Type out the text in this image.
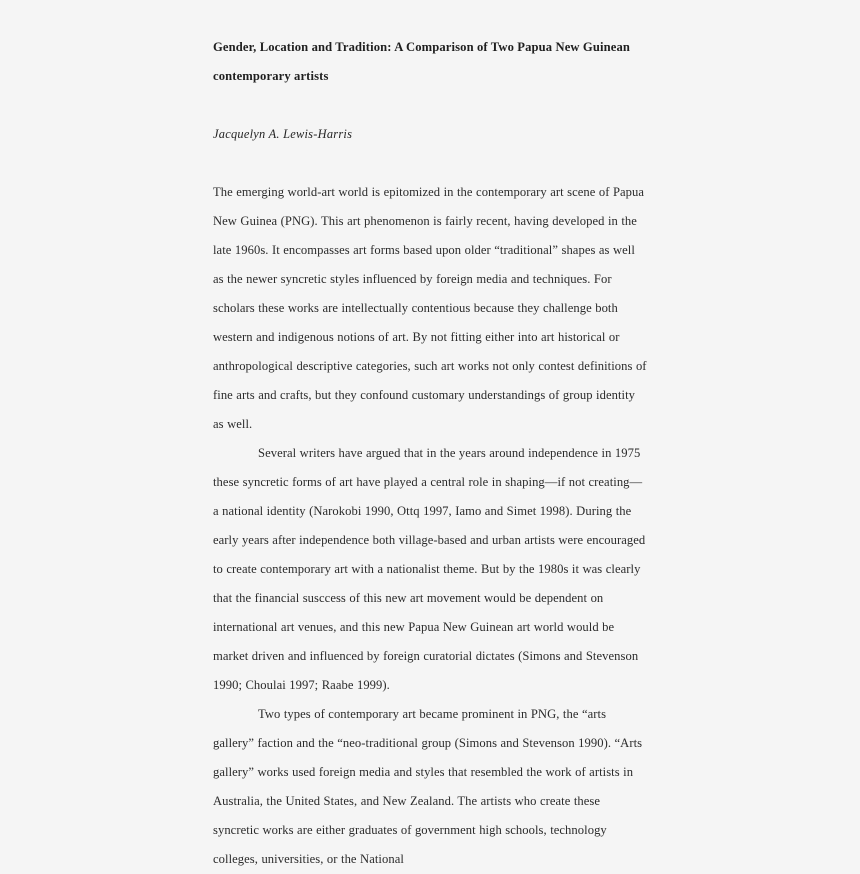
Gender, Location and Tradition: A Comparison of Two Papua New Guinean contemporary artists
Jacquelyn A. Lewis-Harris

The emerging world-art world is epitomized in the contemporary art scene of Papua New Guinea (PNG). This art phenomenon is fairly recent, having developed in the late 1960s. It encompasses art forms based upon older “traditional” shapes as well as the newer syncretic styles influenced by foreign media and techniques. For scholars these works are intellectually contentious because they challenge both western and indigenous notions of art. By not fitting either into art historical or anthropological descriptive categories, such art works not only contest definitions of fine arts and crafts, but they confound customary understandings of group identity as well.

Several writers have argued that in the years around independence in 1975 these syncretic forms of art have played a central role in shaping—if not creating—a national identity (Narokobi 1990, Ottq 1997, Iamo and Simet 1998). During the early years after independence both village-based and urban artists were encouraged to create contemporary art with a nationalist theme. But by the 1980s it was clearly that the financial susccess of this new art movement would be dependent on international art venues, and this new Papua New Guinean art world would be market driven and influenced by foreign curatorial dictates (Simons and Stevenson 1990; Choulai 1997; Raabe 1999).

Two types of contemporary art became prominent in PNG, the “arts gallery” faction and the “neo-traditional group (Simons and Stevenson 1990). “Arts gallery” works used foreign media and styles that resembled the work of artists in Australia, the United States, and New Zealand. The artists who create these syncretic works are either graduates of government high schools, technology colleges, universities, or the National
